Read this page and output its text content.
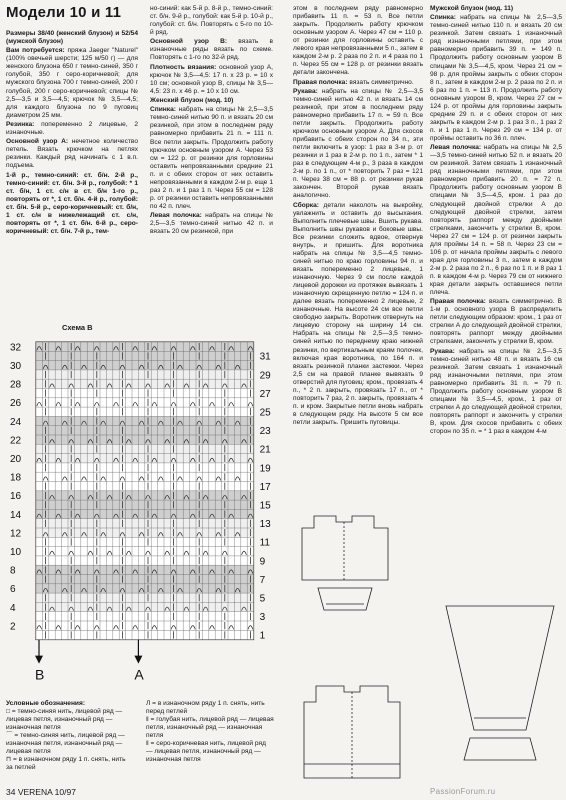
Модели 10 и 11

Размеры 38/40 (женский блузон) и 52/54 (мужской блузон)

Вам потребуется: пряжа Jaeger "Naturel" (100% овечьей шерсти; 125 м/50 г) — для женского блузона 650 г темно-синей, 350 г голубой, 350 г серо-коричневой; для мужского блузона 700 г темно-синей, 200 г голубой, 200 г серо-коричневой; спицы № 2,5—3,5 и 3,5—4,5; крючок № 3,5—4,5; для каждого блузона по 9 пуговиц диаметром 25 мм.

Резинка: попеременно 2 лицевые, 2 изнаночные.

Основной узор А: нечетное количество петель. Вязать крючком на петлях резинки. Каждый ряд начинать с 1 в.п. подъема.

1-й р., темно-синий: ст. б/н. 2-й р., темно-синий: ст. б/н. 3-й р., голубой: * 1 ст. б/н, 1 ст. с/н в ст. б/н 1-го р., повторять от *, 1 ст. б/н. 4-й р., голубой: ст. б/н. 5-й р., серо-коричневый: ст. б/н, 1 ст. с/н в нижележащий ст. с/н, повторять от *, 1 ст. б/н. 6-й р., серо-коричневый: ст. б/н. 7-й р., тем-

но-синий: как 5-й р. 8-й р., темно-синий: ст. б/н. 9-й р., голубой: как 5-й р. 10-й р., голубой: ст. б/н. Повторять с 5-го по 10-й ряд.

Основной узор В: вязать в изнаночные ряды вязать по схеме. Повторять с 1-го по 32-й ряд.

Плотность вязания: основной узор А, крючок № 3,5—4,5: 17 п. х 23 р. = 10 х 10 см; основной узор В, спицы № 3,5—4,5: 23 п. х 46 р. = 10 х 10 см.

Женский блузон (мод. 10)

Спинка: набрать на спицы № 2,5—3,5 темно-синей нитью 90 п. и вязать 20 см резинкой, при этом в последнем ряду равномерно прибавить 21 п. = 111 п. Все петли закрыть. Продолжить работу крючком основным узором А. Через 53 см = 122 р. от резинки для горловины оставить непровязанными средние 21 п. и с обеих сторон от них оставить непровязанными в каждом 2-м р. еще 1 раз 2 п. и 1 раз 1 п. Через 55 см = 128 р. от резинки оставить непровязанными по 42 п. плеч.

Левая полочка: набрать на спицы № 2,5—3,5 темно-синей нитью 42 п. и вязать 20 см резинкой, при

этом в последнем ряду равномерно прибавить 11 п. = 53 п. Все петли закрыть. Продолжить работу крючком основным узором А. Через 47 см = 110 р. от резинки для горловины оставить с левого края непровязанными 5 п., затем в каждом 2-м р. 2 раза по 2 п. и 4 раза по 1 п. Через 55 см = 128 р. от резинки вязать детали закончена.

Правая полочка: вязать симметрично.

Рукава: набрать на спицы № 2,5—3,5 темно-синей нитью 42 п. и вязать 14 см резинкой, при этом в последнем ряду равномерно прибавить 17 п. = 59 п. Все петли закрыть. Продолжить работу крючком основным узором А. Для скосов прибавить с обеих сторон по 34 п., эти петли включить в узор: 1 раз в 3-м р. от резинки и 1 раз в 2-м р. по 1 п., затем * 1 раз в следующем 4-м р., 3 раза в каждом 2-м р. по 1 п., от * повторить 7 раз = 121 п. Через 38 см = 88 р. от резинки рукав закончен. Второй рукав вязать аналогично.

Сборка: детали наколоть на выкройку, увлажнить и оставить до высыхания. Выполнить плечевые швы. Вшить рукава. Выполнить швы рукавов и боковые швы. Все резинки сложить вдвое, отвернув внутрь, и пришить. Для воротника набрать на спицы № 3,5—4,5 темно-синей нитью по краю горловины 94 п. и вязать попеременно 2 лицевые, 1 изнаночную. Через 9 см после каждой лицевой дорожки из протяжек вывязать 1 изнаночную скрещенную петлю = 124 п. и далее вязать попеременно 2 лицевые, 2 изнаночные. На высоте 24 см все петли свободно закрыть. Воротник отвернуть на лицевую сторону на ширину 14 см. Набрать на спицы № 2,5—3,5 темно-синей нитью по переднему краю нижней резинки, по вертикальным краям полочек, включая края воротника, по 164 п. и вязать резинкой планки застежки. Через 2,5 см на правой планке вывязать 9 отверстий для пуговиц: кром., провязать 4 п., * 2 п. закрыть, провязать 17 п., от * повторить 7 раз, 2 п. закрыть, провязать 4 п. и кром. Закрытые петли вновь набрать в следующем ряду. На высоте 5 см все петли закрыть. Пришить пуговицы.

Мужской блузон (мод. 11)

Спинка: набрать на спицы № 2,5—3,5 темно-синей нитью 110 п. и вязать 20 см резинкой. Затем связать 1 изнаночный ряд изнаночными петлями, при этом равномерно прибавить 39 п. = 149 п. Продолжить работу основным узором В спицами № 3,5—4,5, кром. Через 21 см = 98 р. для проймы закрыть с обеих сторон 8 п., затем в каждом 2-м р. 2 раза по 2 п. и 6 раз по 1 п. = 113 п. Продолжить работу основным узором В, кром. Через 27 см = 124 р. от проймы для горловины закрыть средние 29 п. и с обеих сторон от них закрыть в каждом 2-м р. 1 раз 3 п., 1 раз 2 п. и 1 раз 1 п. Через 29 см = 134 р. от проймы оставить по 36 п. плеч.

Левая полочка: набрать на спицы № 2,5—3,5 темно-синей нитью 52 п. и вязать 20 см резинкой. Затем связать 1 изнаночный ряд изнаночными петлями, при этом равномерно прибавить 20 п. = 72 п. Продолжить работу основным узором В спицами № 3,5—4,5, кром. 1 раз до следующей двойной стрелки А до следующей двойной стрелки, затем повторять раппорт между двойными стрелками, закончить у стрелки В, кром. Через 27 см = 124 р. от резинки закрыть для проймы 14 п. = 58 п. Через 23 см = 106 р. от начала проймы закрыть с левого края для горловины 3 п., затем в каждом 2-м р. 2 раза по 2 п., 6 раз по 1 п. и 8 раз 1 п. в каждом 4-м р. Через 79 см от нижнего края детали закрыть оставшиеся петли плеча.

Правая полочка: вязать симметрично. В 1-м р. основного узора В распределить петли следующим образом: кром., 1 раз от стрелки А до следующей двойной стрелки, повторять раппорт между двойными стрелками, закончить у стрелки В, кром.

Рукава: набрать на спицы № 2,5—3,5 темно-синей нитью 48 п. и вязать 16 см резинкой. Затем связать 1 изнаночный ряд изнаночными петлями, при этом равномерно прибавить 31 п. = 79 п. Продолжить работу основным узором В спицами № 3,5—4,5, кром., 1 раз от стрелки А до следующей двойной стрелки, повторять раппорт и закончить у стрелки В, кром. Для скосов прибавить с обеих сторон по 35 п. = * 1 раз в каждом 4-м

Схема В
32
30
28
26
24
22
20
18
16
14
12
10
8
6
4
2
31
29
27
25
23
21
19
17
15
13
11
9
7
5
3
1
B	A
Условные обозначения:
□ = темно-синяя нить, лицевой ряд — лицевая петля, изнаночный ряд — изнаночная петля
⌒ = темно-синяя нить, лицевой ряд — изнаночная петля, изнаночный ряд — лицевая петля
⊓ = в изнаночном ряду 1 п. снять, нить за петлей
Л = в изнаночном ряду 1 п. снять, нить перед петлей
‖ = голубая нить, лицевой ряд — лицевая петля, изнаночный ряд — изнаночная петля
‖ = серо-коричневая нить, лицевой ряд — лицевая петля, изнаночный ряд — изнаночная петля
34 VERENA 10/97	PassionForum.ru
